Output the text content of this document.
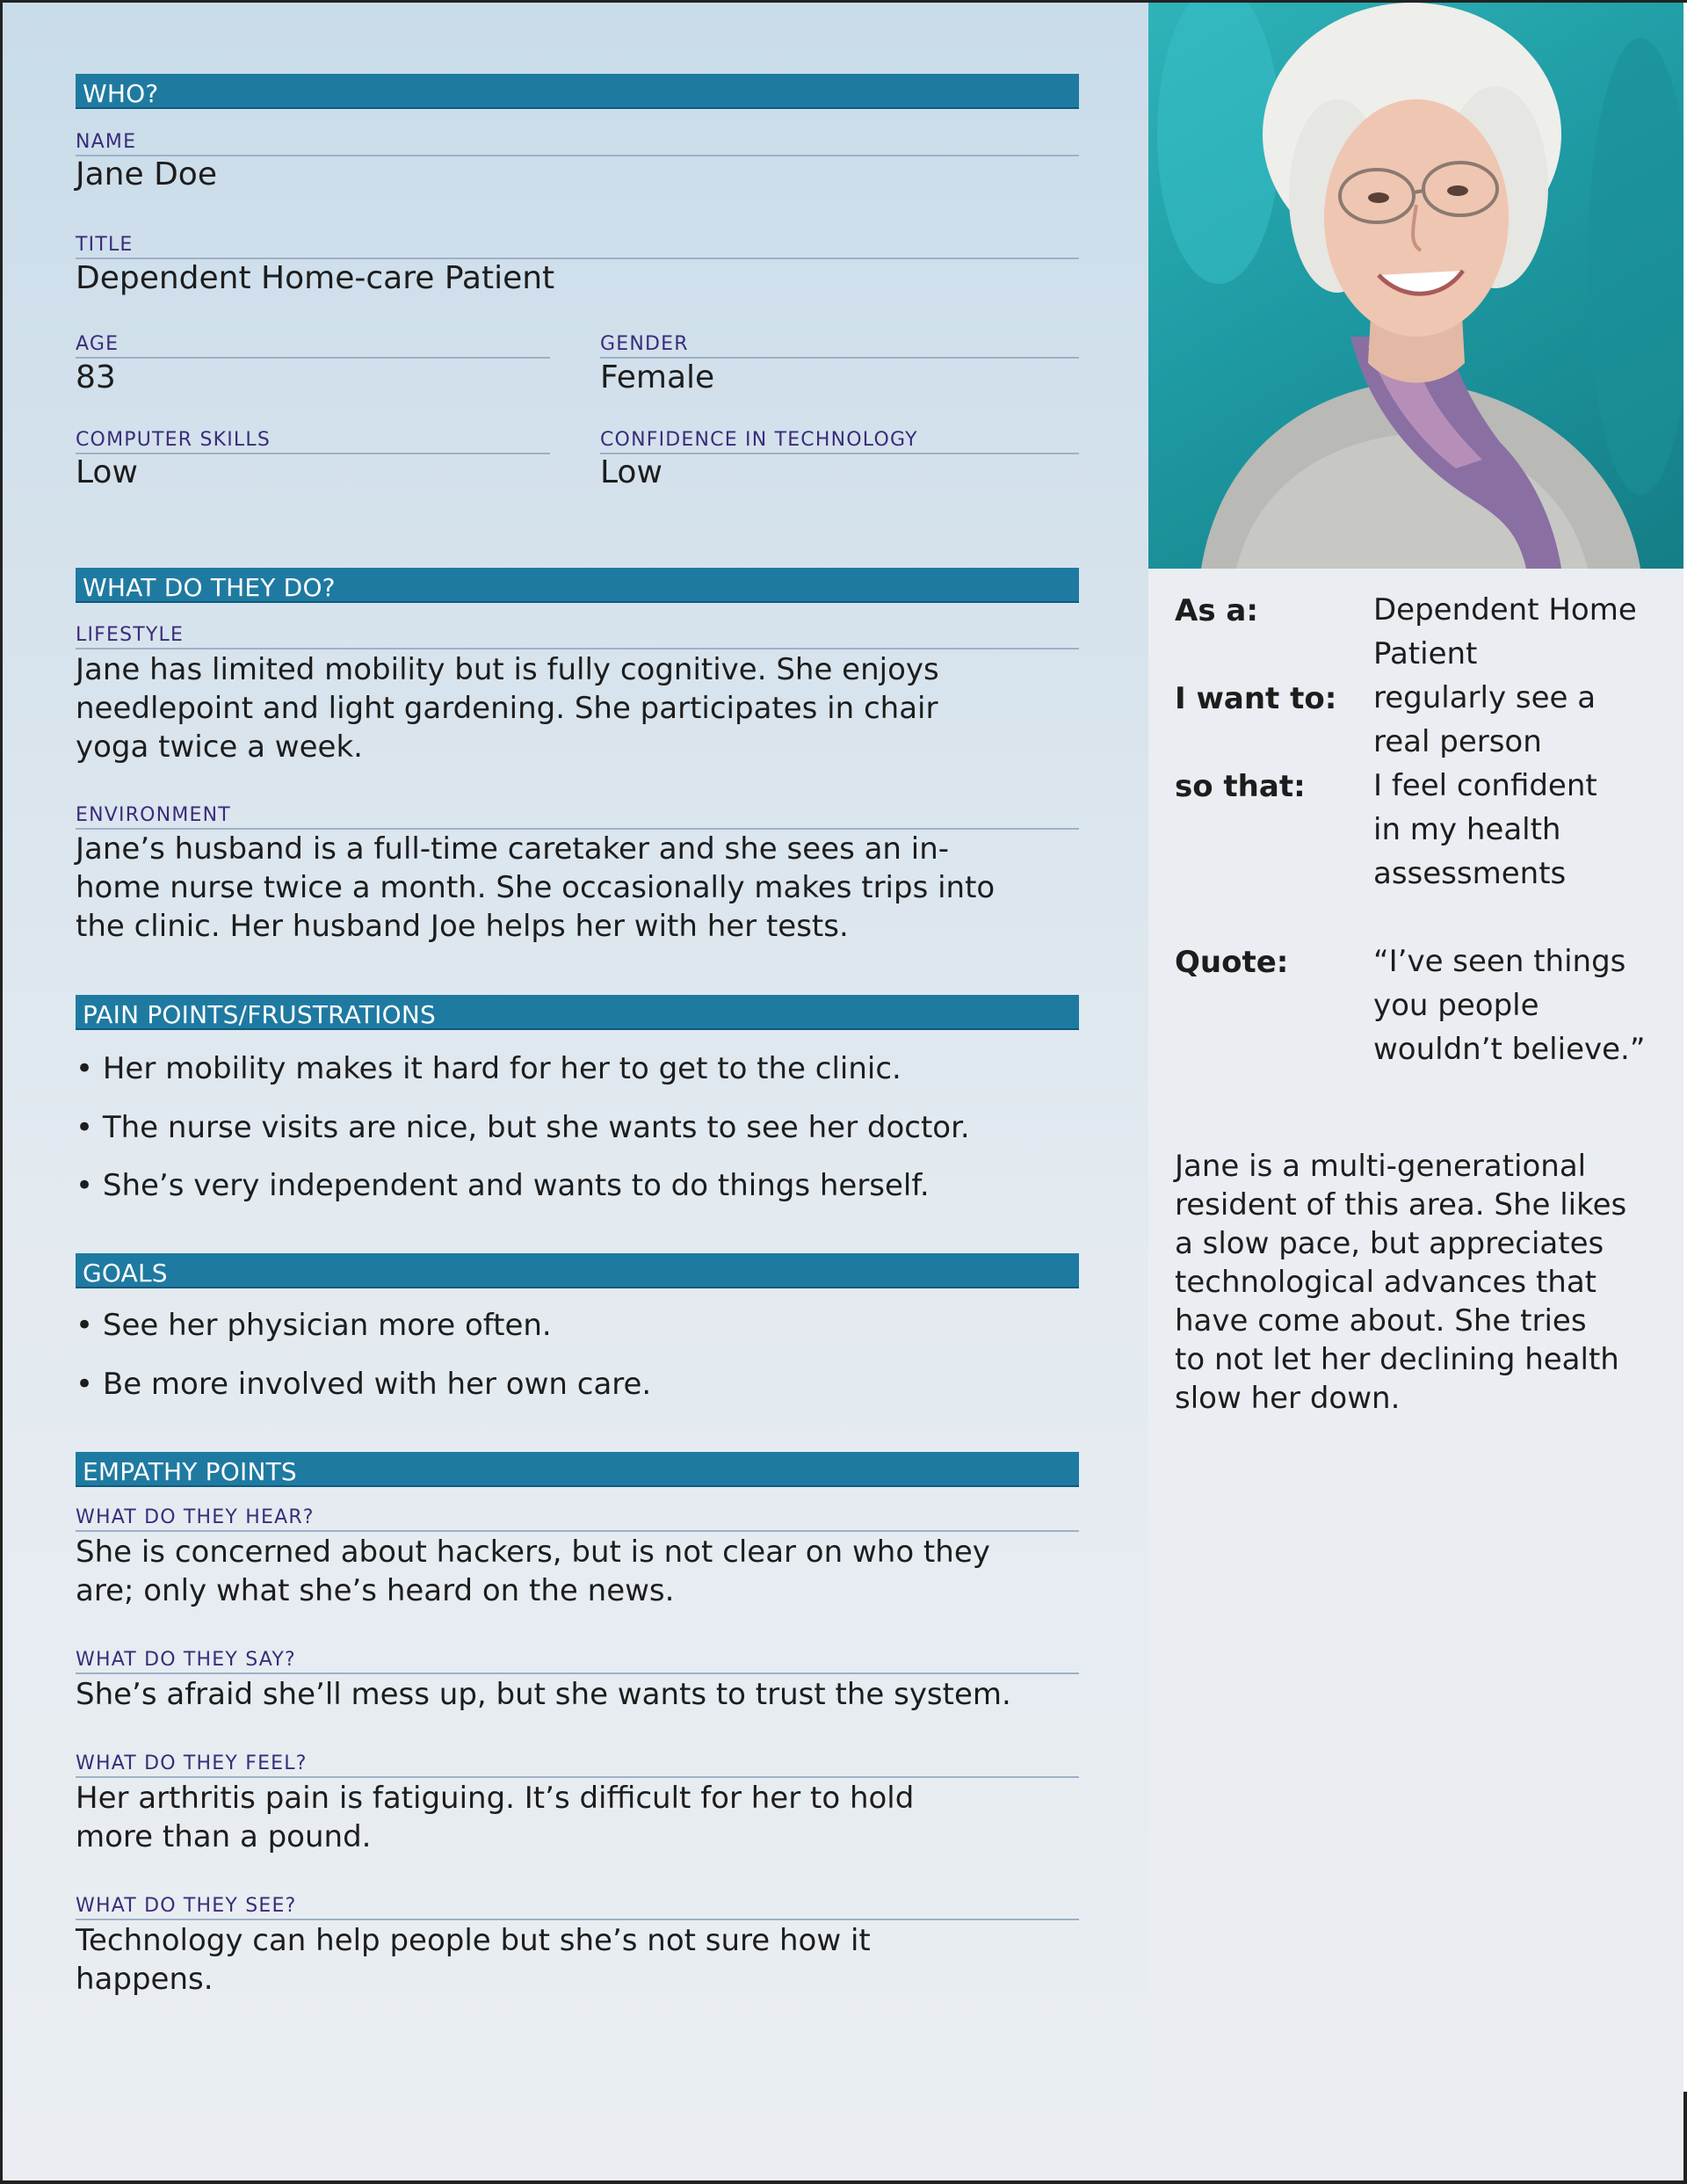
WHO?
NAME
Jane Doe
TITLE
Dependent Home-care Patient
AGE
83
GENDER
Female
COMPUTER SKILLS
Low
CONFIDENCE IN TECHNOLOGY
Low
WHAT DO THEY DO?
LIFESTYLE
Jane has limited mobility but is fully cognitive. She enjoys
needlepoint and light gardening. She participates in chair
yoga twice a week.
ENVIRONMENT
Jane’s husband is a full-time caretaker and she sees an in-
home nurse twice a month. She occasionally makes trips into
the clinic. Her husband Joe helps her with her tests.
PAIN POINTS/FRUSTRATIONS
• Her mobility makes it hard for her to get to the clinic.
• The nurse visits are nice, but she wants to see her doctor.
• She’s very independent and wants to do things herself.
GOALS
• See her physician more often.
• Be more involved with her own care.
EMPATHY POINTS
WHAT DO THEY HEAR?
She is concerned about hackers, but is not clear on who they
are; only what she’s heard on the news.
WHAT DO THEY SAY?
She’s afraid she’ll mess up, but she wants to trust the system.
WHAT DO THEY FEEL?
Her arthritis pain is fatiguing. It’s difficult for her to hold
more than a pound.
WHAT DO THEY SEE?
Technology can help people but she’s not sure how it
happens.
As a:	Dependent Home
Patient
I want to: regularly see a
real person
so that: I feel confident
in my health
assessments
Quote:	“I’ve seen things
you people
wouldn’t believe.”
Jane is a multi-generational
resident of this area. She likes
a slow pace, but appreciates
technological advances that
have come about. She tries
to not let her declining health
slow her down.
